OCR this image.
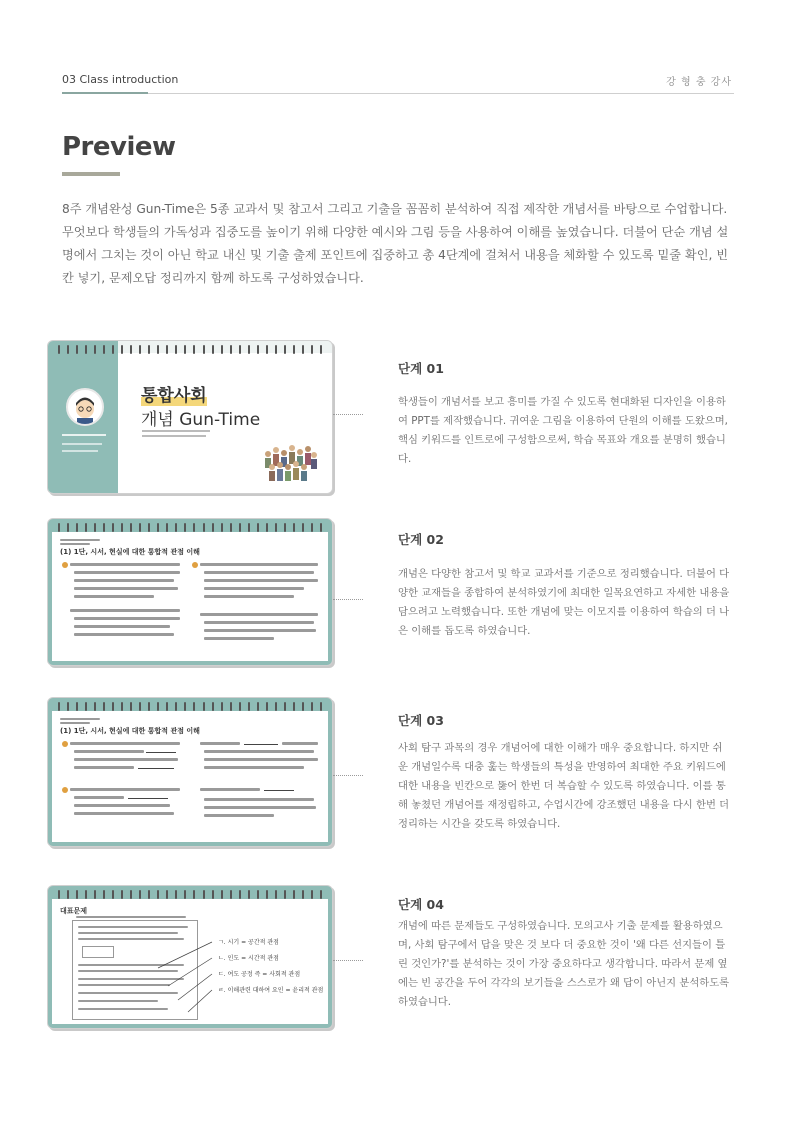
03 Class introduction	강 형 충 강사
Preview
8주 개념완성 Gun-Time은 5종 교과서 및 참고서 그리고 기출을 꼼꼼히 분석하여 직접 제작한 개념서를 바탕으로 수업합니다. 무엇보다 학생들의 가독성과 집중도를 높이기 위해 다양한 예시와 그림 등을 사용하여 이해를 높였습니다. 더불어 단순 개념 설명에서 그치는 것이 아닌 학교 내신 및 기출 출제 포인트에 집중하고 총 4단계에 걸쳐서 내용을 체화할 수 있도록 밑줄 확인, 빈칸 넣기, 문제오답 정리까지 함께 하도록 구성하였습니다.
통합사회
개념 Gun-Time
(1) 1단, 시서, 현실에 대한 통합적 관점 이해
(1) 1단, 시서, 현실에 대한 통합적 관점 이해
대표문제
ㄱ. 시기 = 공간적 관점
ㄴ. 인도 = 시간적 관점
ㄷ. 여도 공정 즉 = 사회적 관점
ㄹ. 이해관련 대하여 요인 = 윤리적 관점
단계 01
학생들이 개념서를 보고 흥미를 가질 수 있도록 현대화된 디자인을 이용하여 PPT를 제작했습니다. 귀여운 그림을 이용하여 단원의 이해를 도왔으며, 핵심 키워드를 인트로에 구성함으로써, 학습 목표와 개요를 분명히 했습니다.
단계 02
개념은 다양한 참고서 및 학교 교과서를 기준으로 정리했습니다. 더불어 다양한 교재들을 종합하여 분석하였기에 최대한 일목요연하고 자세한 내용을 담으려고 노력했습니다. 또한 개념에 맞는 이모지를 이용하여 학습의 더 나은 이해를 돕도록 하였습니다.
단계 03
사회 탐구 과목의 경우 개념어에 대한 이해가 매우 중요합니다. 하지만 쉬운 개념일수록 대충 훑는 학생들의 특성을 반영하여 최대한 주요 키워드에 대한 내용을 빈칸으로 뚫어 한번 더 복습할 수 있도록 하였습니다. 이를 통해 놓쳤던 개념어를 재정립하고, 수업시간에 강조했던 내용을 다시 한번 더 정리하는 시간을 갖도록 하였습니다.
단계 04
개념에 따른 문제들도 구성하였습니다. 모의고사 기출 문제를 활용하였으며, 사회 탐구에서 답을 맞은 것 보다 더 중요한 것이 '왜 다른 선지들이 틀린 것인가?'를 분석하는 것이 가장 중요하다고 생각합니다. 따라서 문제 옆에는 빈 공간을 두어 각각의 보기들을 스스로가 왜 답이 아닌지 분석하도록 하였습니다.
